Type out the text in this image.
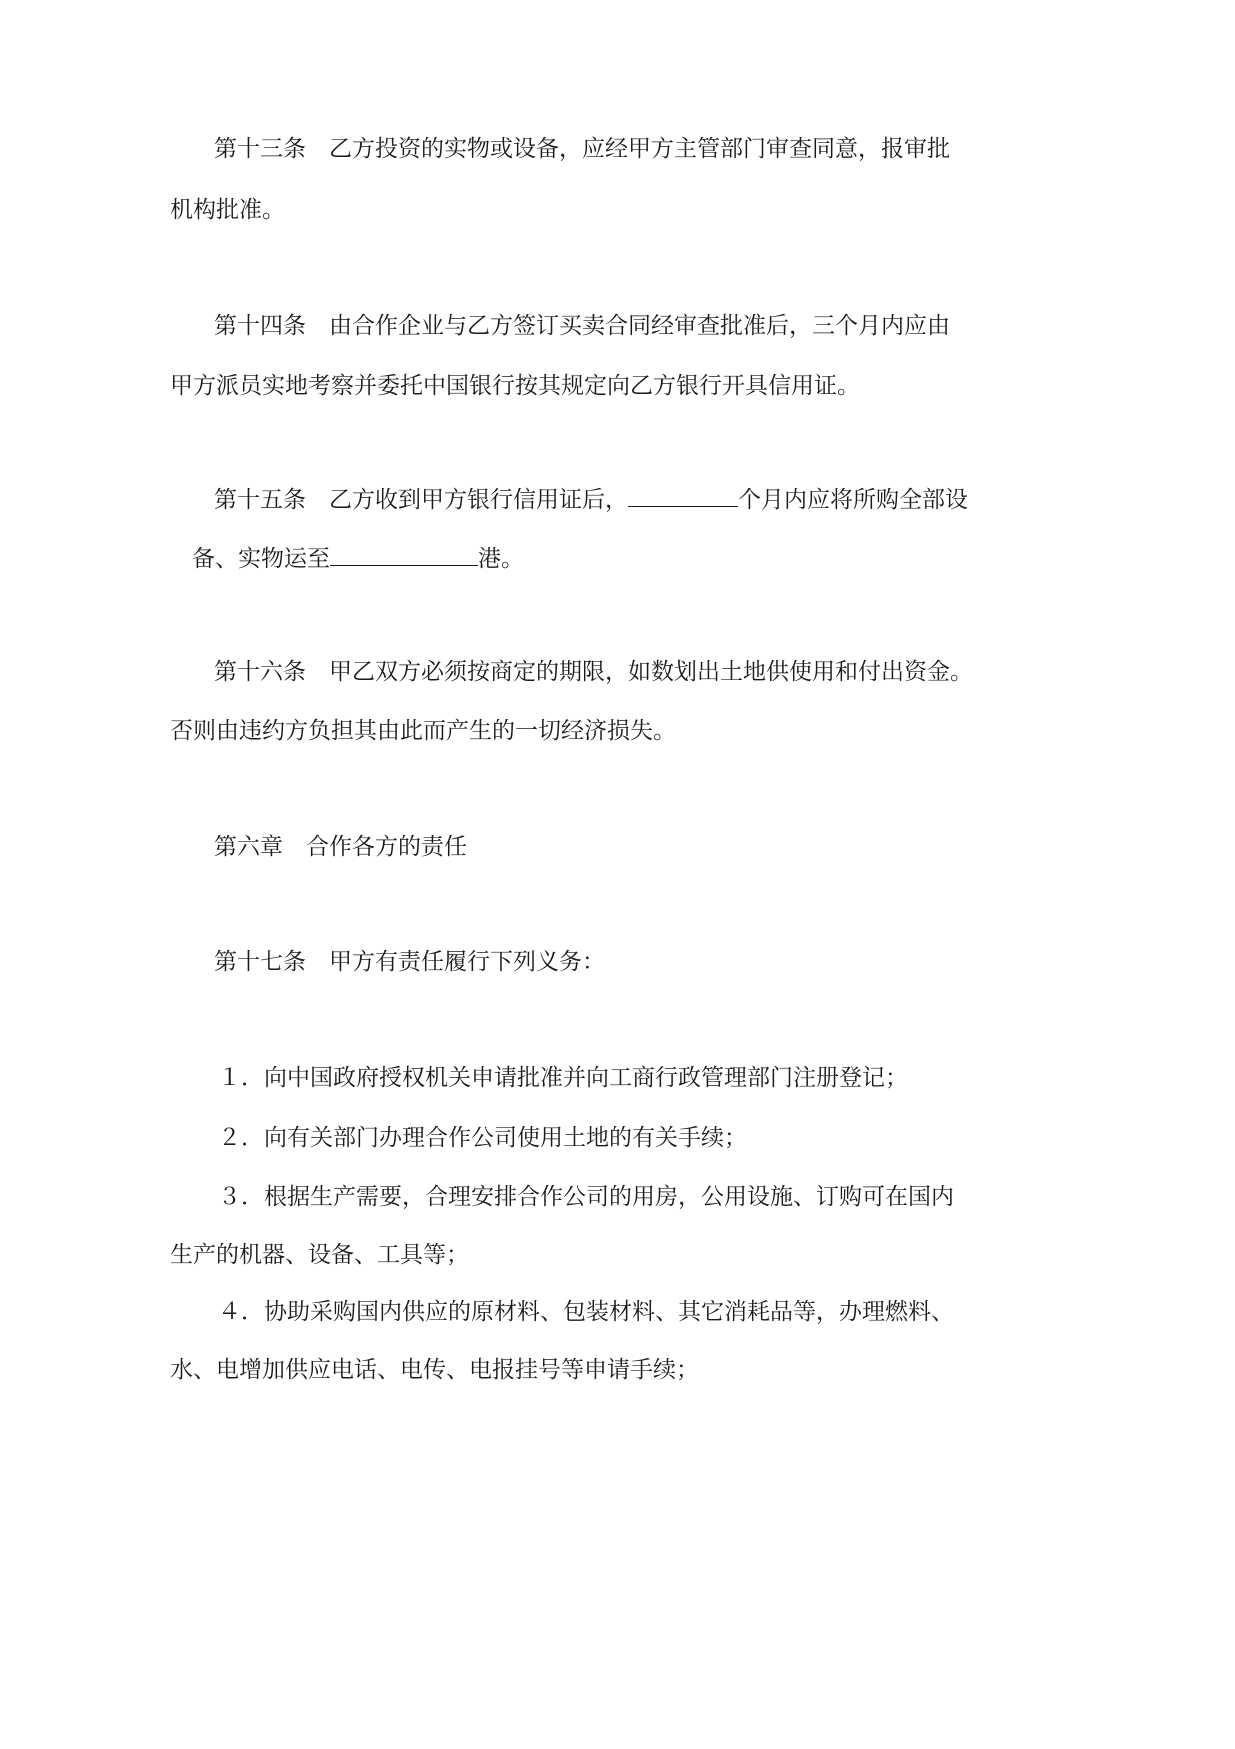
第十三条 乙方投资的实物或设备，应经甲方主管部门审查同意，报审批
机构批准。
第十四条 由合作企业与乙方签订买卖合同经审查批准后，三个月内应由
甲方派员实地考察并委托中国银行按其规定向乙方银行开具信用证。
第十五条 乙方收到甲方银行信用证后，	个月内应将所购全部设
备、实物运至	港。
第十六条 甲乙双方必须按商定的期限，如数划出土地供使用和付出资金。
否则由违约方负担其由此而产生的一切经济损失。
第六章 合作各方的责任
第十七条 甲方有责任履行下列义务：
１．向中国政府授权机关申请批准并向工商行政管理部门注册登记；
２．向有关部门办理合作公司使用土地的有关手续；
３．根据生产需要，合理安排合作公司的用房，公用设施、订购可在国内
生产的机器、设备、工具等；
４．协助采购国内供应的原材料、包装材料、其它消耗品等，办理燃料、
水、电增加供应电话、电传、电报挂号等申请手续；
